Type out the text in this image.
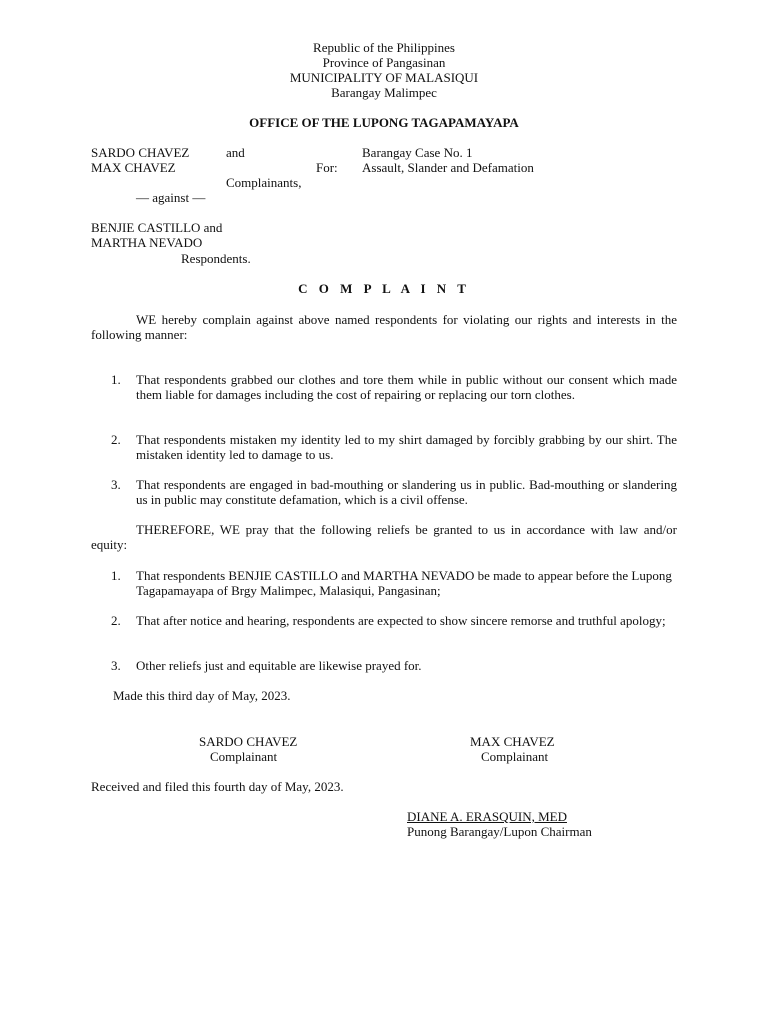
Republic of the Philippines
Province of Pangasinan
MUNICIPALITY OF MALASIQUI
Barangay Malimpec
OFFICE OF THE LUPONG TAGAPAMAYAPA
SARDO CHAVEZ	and
MAX CHAVEZ
Complainants,
— against —
BENJIE CASTILLO and
MARTHA NEVADO
Respondents.
Barangay Case No. 1
For: Assault, Slander and Defamation
C O M P L A I N T
WE hereby complain against above named respondents for violating our rights and interests in the following manner:
1. That respondents grabbed our clothes and tore them while in public without our consent which made them liable for damages including the cost of repairing or replacing our torn clothes.
2. That respondents mistaken my identity led to my shirt damaged by forcibly grabbing by our shirt. The mistaken identity led to damage to us.
3. That respondents are engaged in bad-mouthing or slandering us in public. Bad-mouthing or slandering us in public may constitute defamation, which is a civil offense.
THEREFORE, WE pray that the following reliefs be granted to us in accordance with law and/or equity:
1. That respondents BENJIE CASTILLO and MARTHA NEVADO be made to appear before the Lupong Tagapamayapa of Brgy Malimpec, Malasiqui, Pangasinan;
2. That after notice and hearing, respondents are expected to show sincere remorse and truthful apology;
3. Other reliefs just and equitable are likewise prayed for.
Made this third day of May, 2023.
SARDO CHAVEZ
Complainant
MAX CHAVEZ
Complainant
Received and filed this fourth day of May, 2023.
DIANE A. ERASQUIN, MED
Punong Barangay/Lupon Chairman
